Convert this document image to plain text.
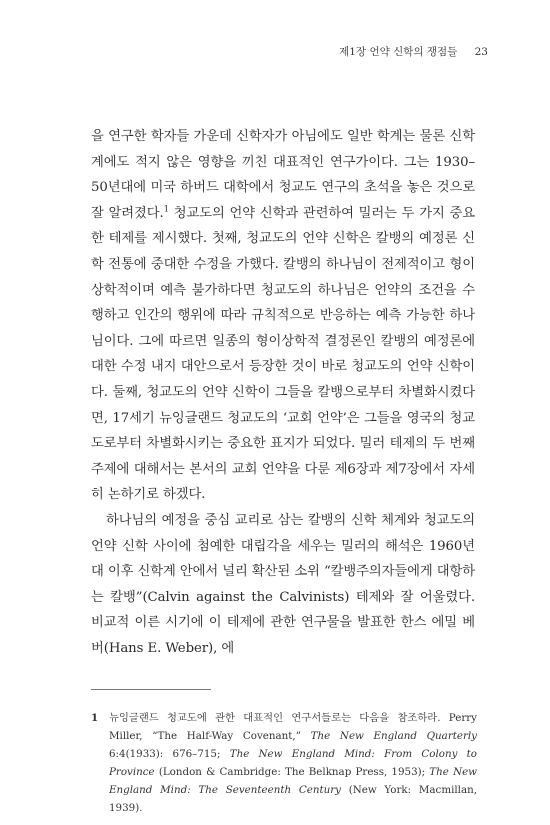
제1장 언약 신학의 쟁점들 23

을 연구한 학자들 가운데 신학자가 아님에도 일반 학계는 물론 신학계에도 적지 않은 영향을 끼친 대표적인 연구가이다. 그는 1930–50년대에 미국 하버드 대학에서 청교도 연구의 초석을 놓은 것으로 잘 알려졌다.$^1$ 청교도의 언약 신학과 관련하여 밀러는 두 가지 중요한 테제를 제시했다. 첫째, 청교도의 언약 신학은 칼뱅의 예정론 신학 전통에 중대한 수정을 가했다. 칼뱅의 하나님이 전제적이고 형이상학적이며 예측 불가하다면 청교도의 하나님은 언약의 조건을 수행하고 인간의 행위에 따라 규칙적으로 반응하는 예측 가능한 하나님이다. 그에 따르면 일종의 형이상학적 결정론인 칼뱅의 예정론에 대한 수정 내지 대안으로서 등장한 것이 바로 청교도의 언약 신학이다. 둘째, 청교도의 언약 신학이 그들을 칼뱅으로부터 차별화시켰다면, 17세기 뉴잉글랜드 청교도의 ‘교회 언약’은 그들을 영국의 청교도로부터 차별화시키는 중요한 표지가 되었다. 밀러 테제의 두 번째 주제에 대해서는 본서의 교회 언약을 다룬 제6장과 제7장에서 자세히 논하기로 하겠다.

하나님의 예정을 중심 교리로 삼는 칼뱅의 신학 체계와 청교도의 언약 신학 사이에 첨예한 대립각을 세우는 밀러의 해석은 1960년대 이후 신학계 안에서 널리 확산된 소위 “칼뱅주의자들에게 대항하는 칼뱅”(Calvin against the Calvinists) 테제와 잘 어울렸다. 비교적 이른 시기에 이 테제에 관한 연구물을 발표한 한스 에밀 베버(Hans E. Weber), 에

1 뉴잉글랜드 청교도에 관한 대표적인 연구서들로는 다음을 참조하라. Perry Miller, “The Half-Way Covenant,” The New England Quarterly 6:4(1933): 676–715; The New England Mind: From Colony to Province (London & Cambridge: The Belknap Press, 1953); The New England Mind: The Seventeenth Century (New York: Macmillan, 1939).
